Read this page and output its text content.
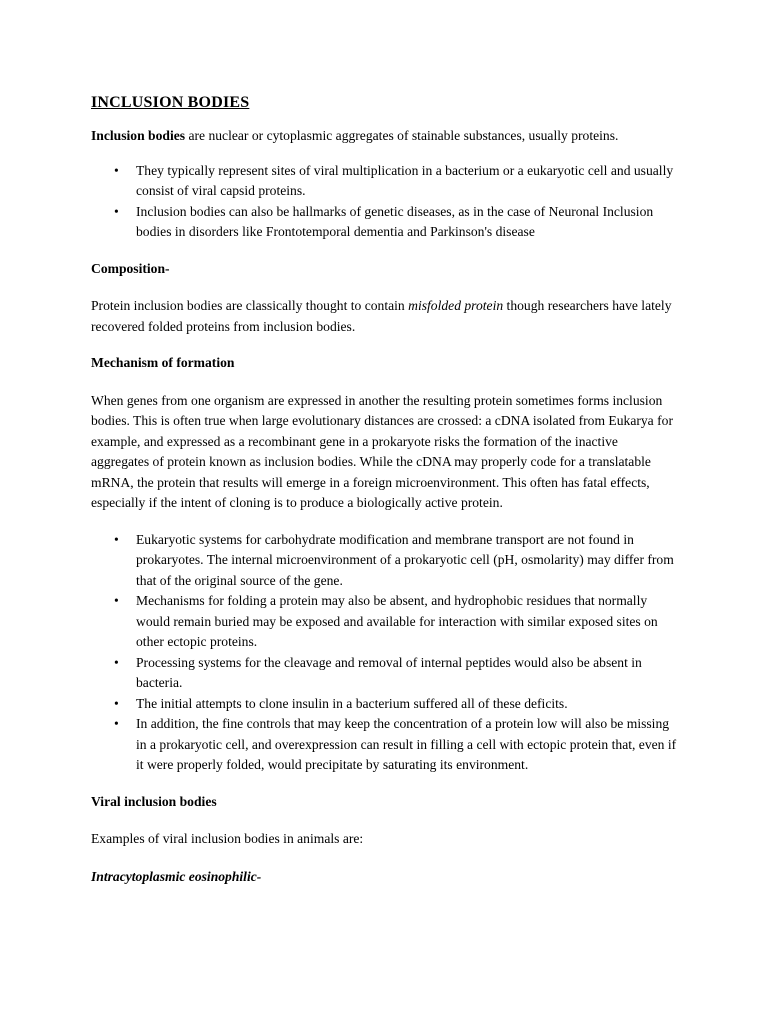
INCLUSION BODIES

Inclusion bodies are nuclear or cytoplasmic aggregates of stainable substances, usually proteins.

• They typically represent sites of viral multiplication in a bacterium or a eukaryotic cell and usually consist of viral capsid proteins.
• Inclusion bodies can also be hallmarks of genetic diseases, as in the case of Neuronal Inclusion bodies in disorders like Frontotemporal dementia and Parkinson's disease
Composition-

Protein inclusion bodies are classically thought to contain misfolded protein though researchers have lately recovered folded proteins from inclusion bodies.

Mechanism of formation

When genes from one organism are expressed in another the resulting protein sometimes forms inclusion bodies. This is often true when large evolutionary distances are crossed: a cDNA isolated from Eukarya for example, and expressed as a recombinant gene in a prokaryote risks the formation of the inactive aggregates of protein known as inclusion bodies. While the cDNA may properly code for a translatable mRNA, the protein that results will emerge in a foreign microenvironment. This often has fatal effects, especially if the intent of cloning is to produce a biologically active protein.

• Eukaryotic systems for carbohydrate modification and membrane transport are not found in prokaryotes. The internal microenvironment of a prokaryotic cell (pH, osmolarity) may differ from that of the original source of the gene.
• Mechanisms for folding a protein may also be absent, and hydrophobic residues that normally would remain buried may be exposed and available for interaction with similar exposed sites on other ectopic proteins.
• Processing systems for the cleavage and removal of internal peptides would also be absent in bacteria.
• The initial attempts to clone insulin in a bacterium suffered all of these deficits.
• In addition, the fine controls that may keep the concentration of a protein low will also be missing in a prokaryotic cell, and overexpression can result in filling a cell with ectopic protein that, even if it were properly folded, would precipitate by saturating its environment.
Viral inclusion bodies

Examples of viral inclusion bodies in animals are:

Intracytoplasmic eosinophilic-
